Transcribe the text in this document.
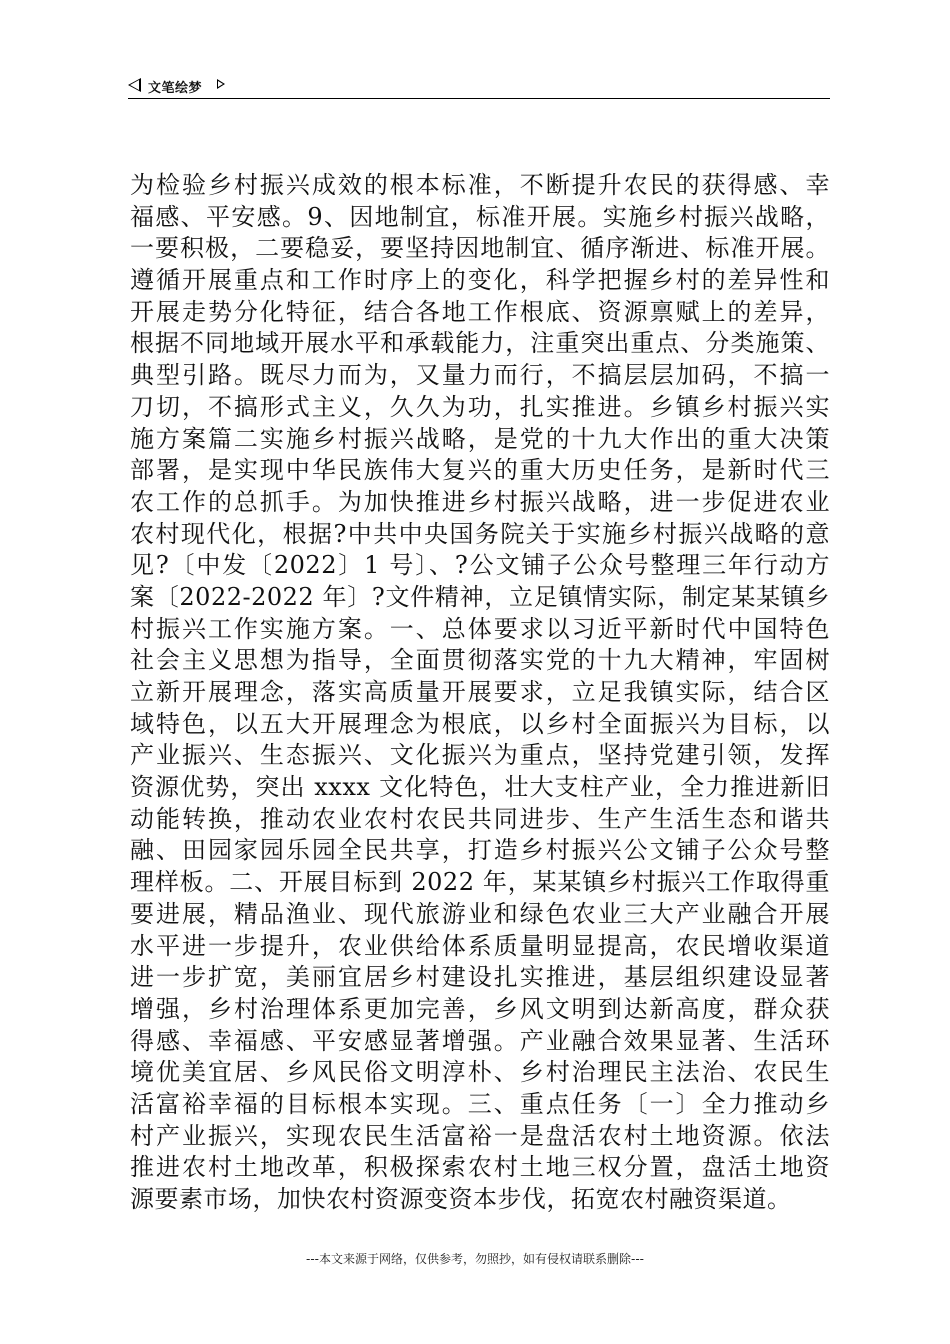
文笔绘梦
为检验乡村振兴成效的根本标准，不断提升农民的获得感、幸
福感、平安感。9、因地制宜，标准开展。实施乡村振兴战略，
一要积极，二要稳妥，要坚持因地制宜、循序渐进、标准开展。
遵循开展重点和工作时序上的变化，科学把握乡村的差异性和
开展走势分化特征，结合各地工作根底、资源禀赋上的差异，
根据不同地域开展水平和承载能力，注重突出重点、分类施策、
典型引路。既尽力而为，又量力而行，不搞层层加码，不搞一
刀切，不搞形式主义，久久为功，扎实推进。乡镇乡村振兴实
施方案篇二实施乡村振兴战略，是党的十九大作出的重大决策
部署，是实现中华民族伟大复兴的重大历史任务，是新时代三
农工作的总抓手。为加快推进乡村振兴战略，进一步促进农业
农村现代化，根据?中共中央国务院关于实施乡村振兴战略的意
见?〔中发〔2022〕1 号〕、?公文铺子公众号整理三年行动方
案〔2022-2022 年〕?文件精神，立足镇情实际，制定某某镇乡
村振兴工作实施方案。一、总体要求以习近平新时代中国特色
社会主义思想为指导，全面贯彻落实党的十九大精神，牢固树
立新开展理念，落实高质量开展要求，立足我镇实际，结合区
域特色，以五大开展理念为根底，以乡村全面振兴为目标，以
产业振兴、生态振兴、文化振兴为重点，坚持党建引领，发挥
资源优势，突出 xxxx 文化特色，壮大支柱产业，全力推进新旧
动能转换，推动农业农村农民共同进步、生产生活生态和谐共
融、田园家园乐园全民共享，打造乡村振兴公文铺子公众号整
理样板。二、开展目标到 2022 年，某某镇乡村振兴工作取得重
要进展，精品渔业、现代旅游业和绿色农业三大产业融合开展
水平进一步提升，农业供给体系质量明显提高，农民增收渠道
进一步扩宽，美丽宜居乡村建设扎实推进，基层组织建设显著
增强，乡村治理体系更加完善，乡风文明到达新高度，群众获
得感、幸福感、平安感显著增强。产业融合效果显著、生活环
境优美宜居、乡风民俗文明淳朴、乡村治理民主法治、农民生
活富裕幸福的目标根本实现。三、重点任务〔一〕全力推动乡
村产业振兴，实现农民生活富裕一是盘活农村土地资源。依法
推进农村土地改革，积极探索农村土地三权分置，盘活土地资
源要素市场，加快农村资源变资本步伐，拓宽农村融资渠道。
---本文来源于网络，仅供参考，勿照抄，如有侵权请联系删除---
